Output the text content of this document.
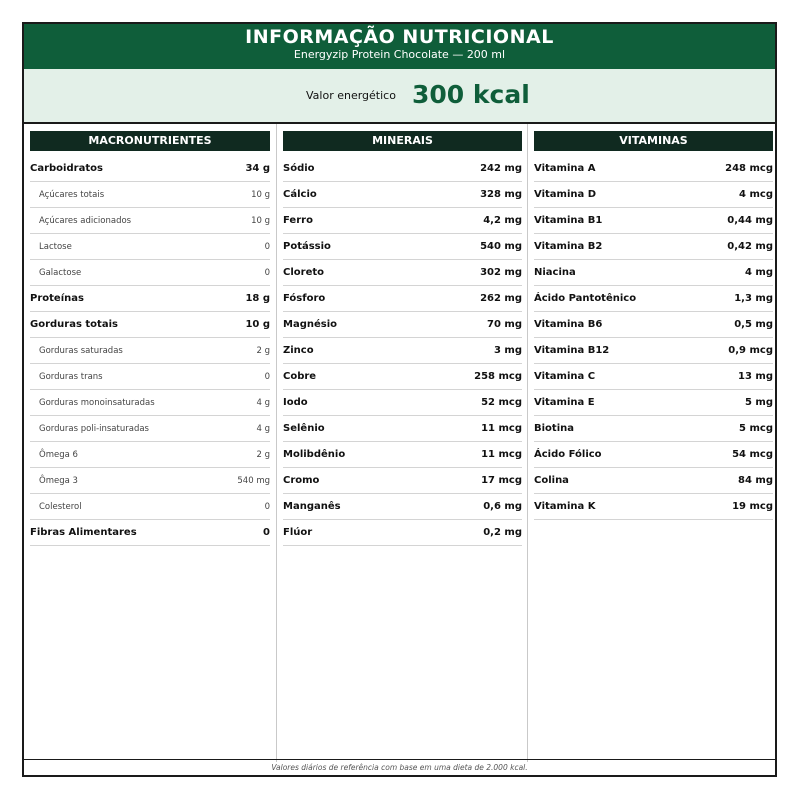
INFORMAÇÃO NUTRICIONAL
Energyzip Protein Chocolate — 200 ml
Valor energético 300 kcal
MACRONUTRIENTES
Carboidratos	34 g
Açúcares totais	10 g
Açúcares adicionados	10 g
Lactose	0
Galactose	0
Proteínas	18 g
Gorduras totais	10 g
Gorduras saturadas	2 g
Gorduras trans	0
Gorduras monoinsaturadas	4 g
Gorduras poli-insaturadas	4 g
Ômega 6	2 g
Ômega 3	540 mg
Colesterol	0
Fibras Alimentares	0
MINERAIS
Sódio	242 mg
Cálcio	328 mg
Ferro	4,2 mg
Potássio	540 mg
Cloreto	302 mg
Fósforo	262 mg
Magnésio	70 mg
Zinco	3 mg
Cobre	258 mcg
Iodo	52 mcg
Selênio	11 mcg
Molibdênio	11 mcg
Cromo	17 mcg
Manganês	0,6 mg
Flúor	0,2 mg
VITAMINAS
Vitamina A	248 mcg
Vitamina D	4 mcg
Vitamina B1	0,44 mg
Vitamina B2	0,42 mg
Niacina	4 mg
Ácido Pantotênico	1,3 mg
Vitamina B6	0,5 mg
Vitamina B12	0,9 mcg
Vitamina C	13 mg
Vitamina E	5 mg
Biotina	5 mcg
Ácido Fólico	54 mcg
Colina	84 mg
Vitamina K	19 mcg
Valores diários de referência com base em uma dieta de 2.000 kcal.
